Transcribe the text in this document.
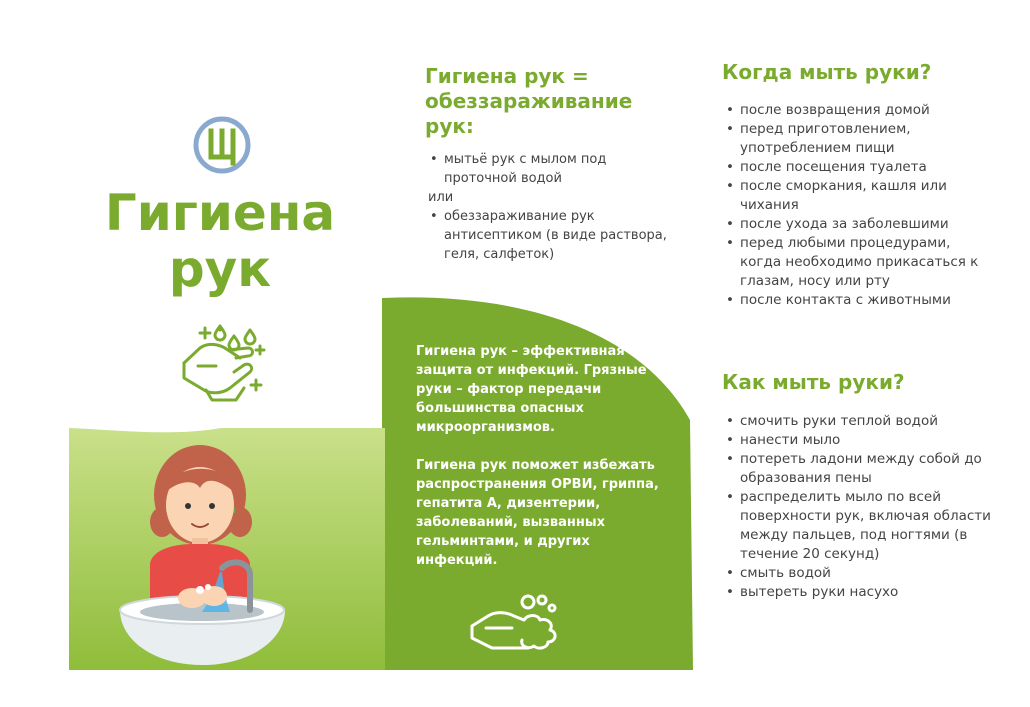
Гигиена
рук
Гигиена рук = обеззараживание рук:
• мытьё рук с мылом под проточной водой
или
• обеззараживание рук антисептиком (в виде раствора, геля, салфеток)
Когда мыть руки?
• после возвращения домой
• перед приготовлением, употреблением пищи
• после посещения туалета
• после сморкания, кашля или чихания
• после ухода за заболевшими
• перед любыми процедурами, когда необходимо прикасаться к глазам, носу или рту
• после контакта с животными
Как мыть руки?
• смочить руки теплой водой
• нанести мыло
• потереть ладони между собой до образования пены
• распределить мыло по всей поверхности рук, включая области между пальцев, под ногтями (в течение 20 секунд)
• смыть водой
• вытереть руки насухо

Гигиена рук – эффективная защита от инфекций. Грязные руки – фактор передачи большинства опасных микроорганизмов.

Гигиена рук поможет избежать распространения ОРВИ, гриппа, гепатита А, дизентерии, заболеваний, вызванных гельминтами, и других инфекций.
